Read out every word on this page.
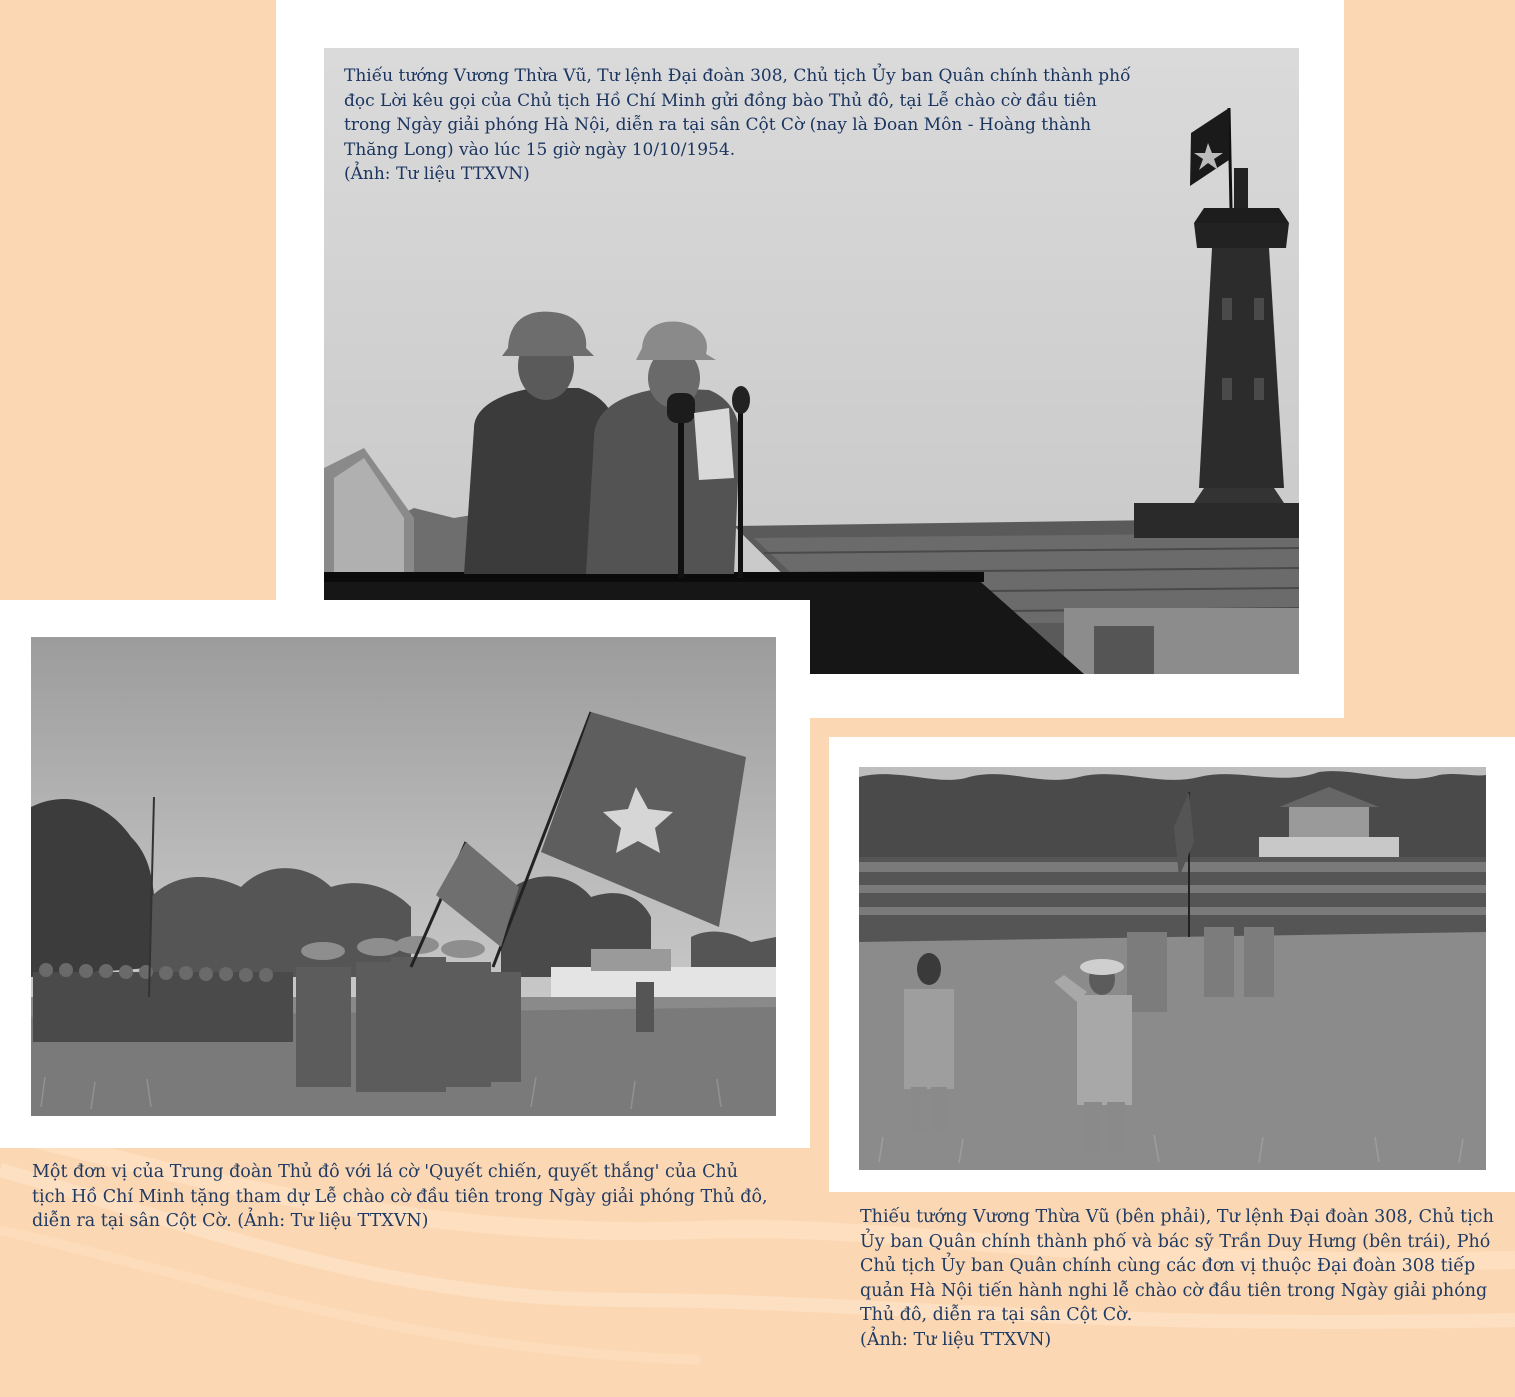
Thiếu tướng Vương Thừa Vũ, Tư lệnh Đại đoàn 308, Chủ tịch Ủy ban Quân chính thành phố đọc Lời kêu gọi của Chủ tịch Hồ Chí Minh gửi đồng bào Thủ đô, tại Lễ chào cờ đầu tiên trong Ngày giải phóng Hà Nội, diễn ra tại sân Cột Cờ (nay là Đoan Môn - Hoàng thành Thăng Long) vào lúc 15 giờ ngày 10/10/1954.
(Ảnh: Tư liệu TTXVN)
Một đơn vị của Trung đoàn Thủ đô với lá cờ 'Quyết chiến, quyết thắng' của Chủ tịch Hồ Chí Minh tặng tham dự Lễ chào cờ đầu tiên trong Ngày giải phóng Thủ đô, diễn ra tại sân Cột Cờ. (Ảnh: Tư liệu TTXVN)	Thiếu tướng Vương Thừa Vũ (bên phải), Tư lệnh Đại đoàn 308, Chủ tịch Ủy ban Quân chính thành phố và bác sỹ Trần Duy Hưng (bên trái), Phó Chủ tịch Ủy ban Quân chính cùng các đơn vị thuộc Đại đoàn 308 tiếp quản Hà Nội tiến hành nghi lễ chào cờ đầu tiên trong Ngày giải phóng Thủ đô, diễn ra tại sân Cột Cờ.
(Ảnh: Tư liệu TTXVN)
